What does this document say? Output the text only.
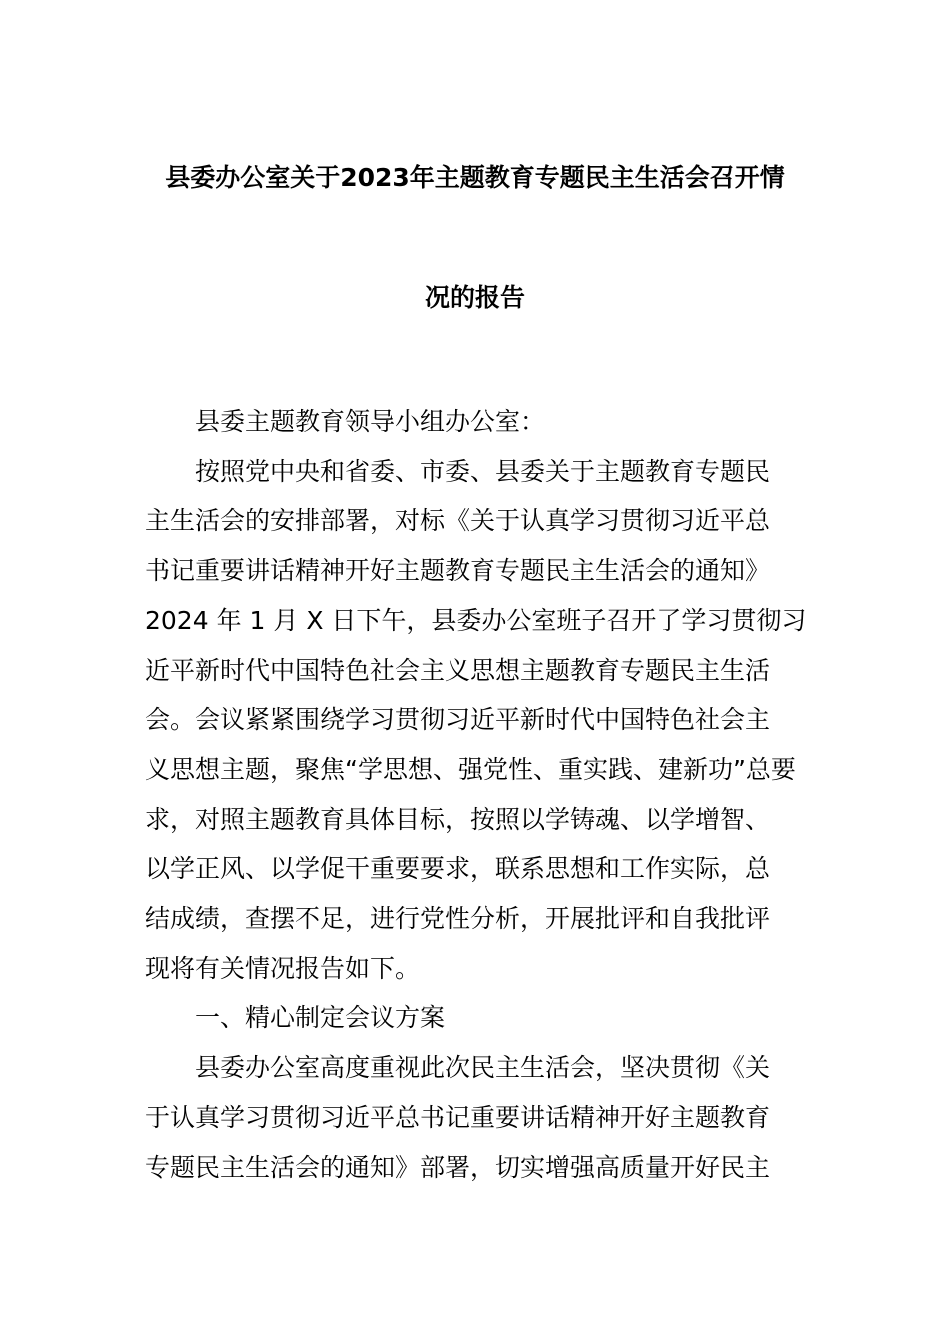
县委办公室关于2023年主题教育专题民主生活会召开情
况的报告

县委主题教育领导小组办公室：

按照党中央和省委、市委、县委关于主题教育专题民
主生活会的安排部署，对标《关于认真学习贯彻习近平总
书记重要讲话精神开好主题教育专题民主生活会的通知》
2024 年 1 月 X 日下午，县委办公室班子召开了学习贯彻习
近平新时代中国特色社会主义思想主题教育专题民主生活
会。会议紧紧围绕学习贯彻习近平新时代中国特色社会主
义思想主题，聚焦“学思想、强党性、重实践、建新功”总要
求，对照主题教育具体目标，按照以学铸魂、以学增智、
以学正风、以学促干重要要求，联系思想和工作实际，总
结成绩，查摆不足，进行党性分析，开展批评和自我批评
现将有关情况报告如下。

一、精心制定会议方案

县委办公室高度重视此次民主生活会，坚决贯彻《关
于认真学习贯彻习近平总书记重要讲话精神开好主题教育
专题民主生活会的通知》部署，切实增强高质量开好民主
